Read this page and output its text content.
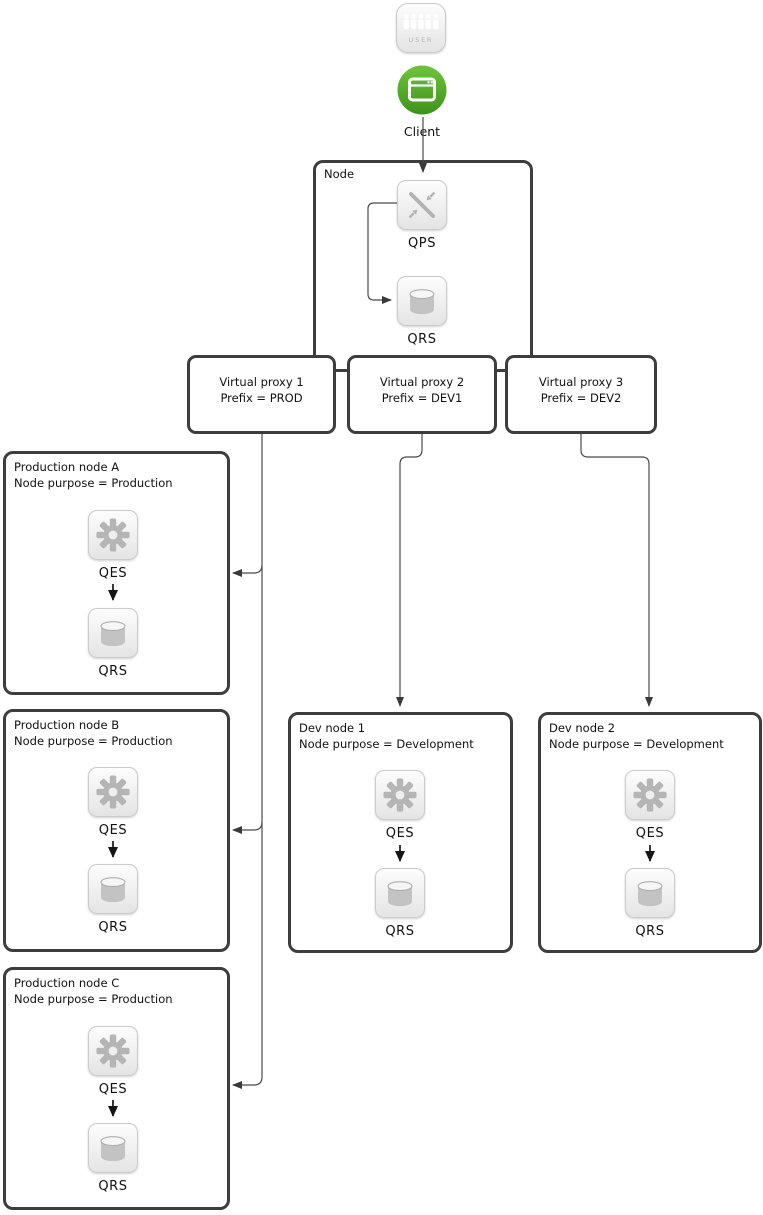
USER
Client
Node
Production node A
Node purpose = Production
Production node B
Node purpose = Production
Production node C
Node purpose = Production
Dev node 1
Node purpose = Development
Dev node 2
Node purpose = Development
Virtual proxy 1
Prefix = PROD
Virtual proxy 2
Prefix = DEV1
Virtual proxy 3
Prefix = DEV2
QPS
QRS
QES
QRS
QES
QRS
QES
QRS
QES
QRS
QES
QRS
